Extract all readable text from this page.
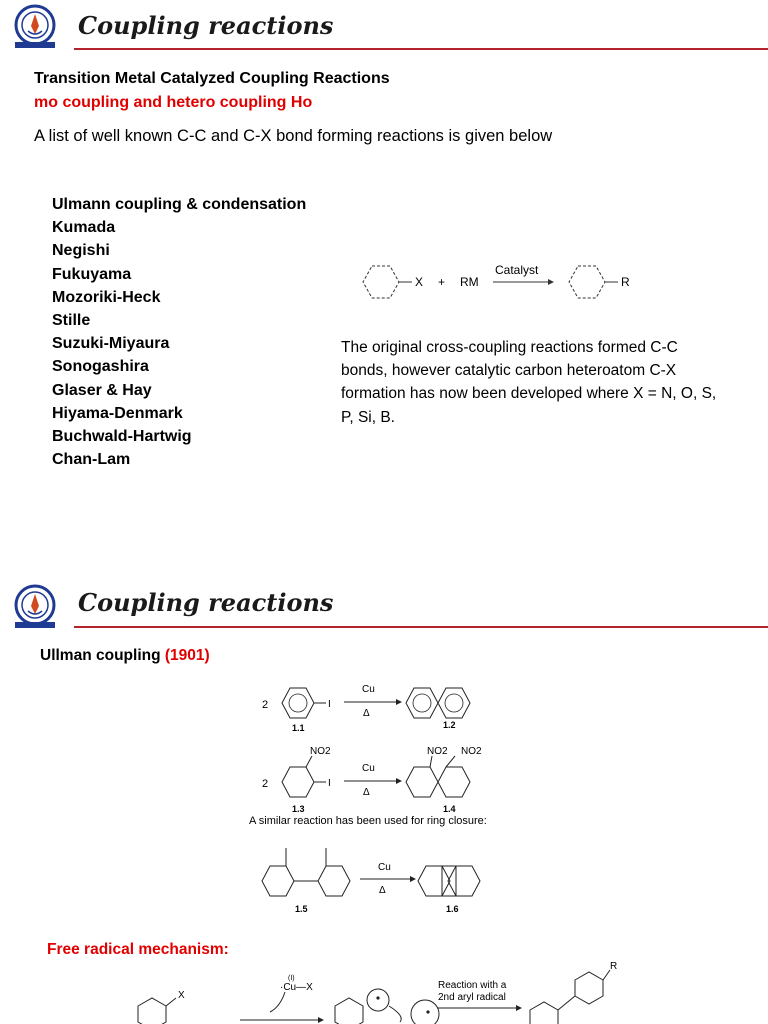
Coupling reactions
Transition Metal Catalyzed Coupling Reactions
mo coupling and hetero coupling Ho
A list of well known C-C and C-X bond forming reactions is given below
Ulmann coupling & condensation
Kumada
Negishi
Fukuyama
Mozoriki-Heck
Stille
Suzuki-Miyaura
Sonogashira
Glaser & Hay
Hiyama-Denmark
Buchwald-Hartwig
Chan-Lam
X + RM
Catalyst
R
The original cross-coupling reactions formed C-C bonds, however catalytic carbon heteroatom C-X formation has now been developed where X = N, O, S, P, Si, B.
Coupling reactions
Ullman coupling (1901)
2	I
Cu
Δ
1.1	1.2
2
NO2
I
Cu
Δ
NO2 NO2
1.3	1.4
A similar reaction has been used for ring closure:
Cu
Δ
1.5	1.6
Free radical mechanism:
X
(I)
·Cu—X	Reaction with a
2nd aryl radical
R
